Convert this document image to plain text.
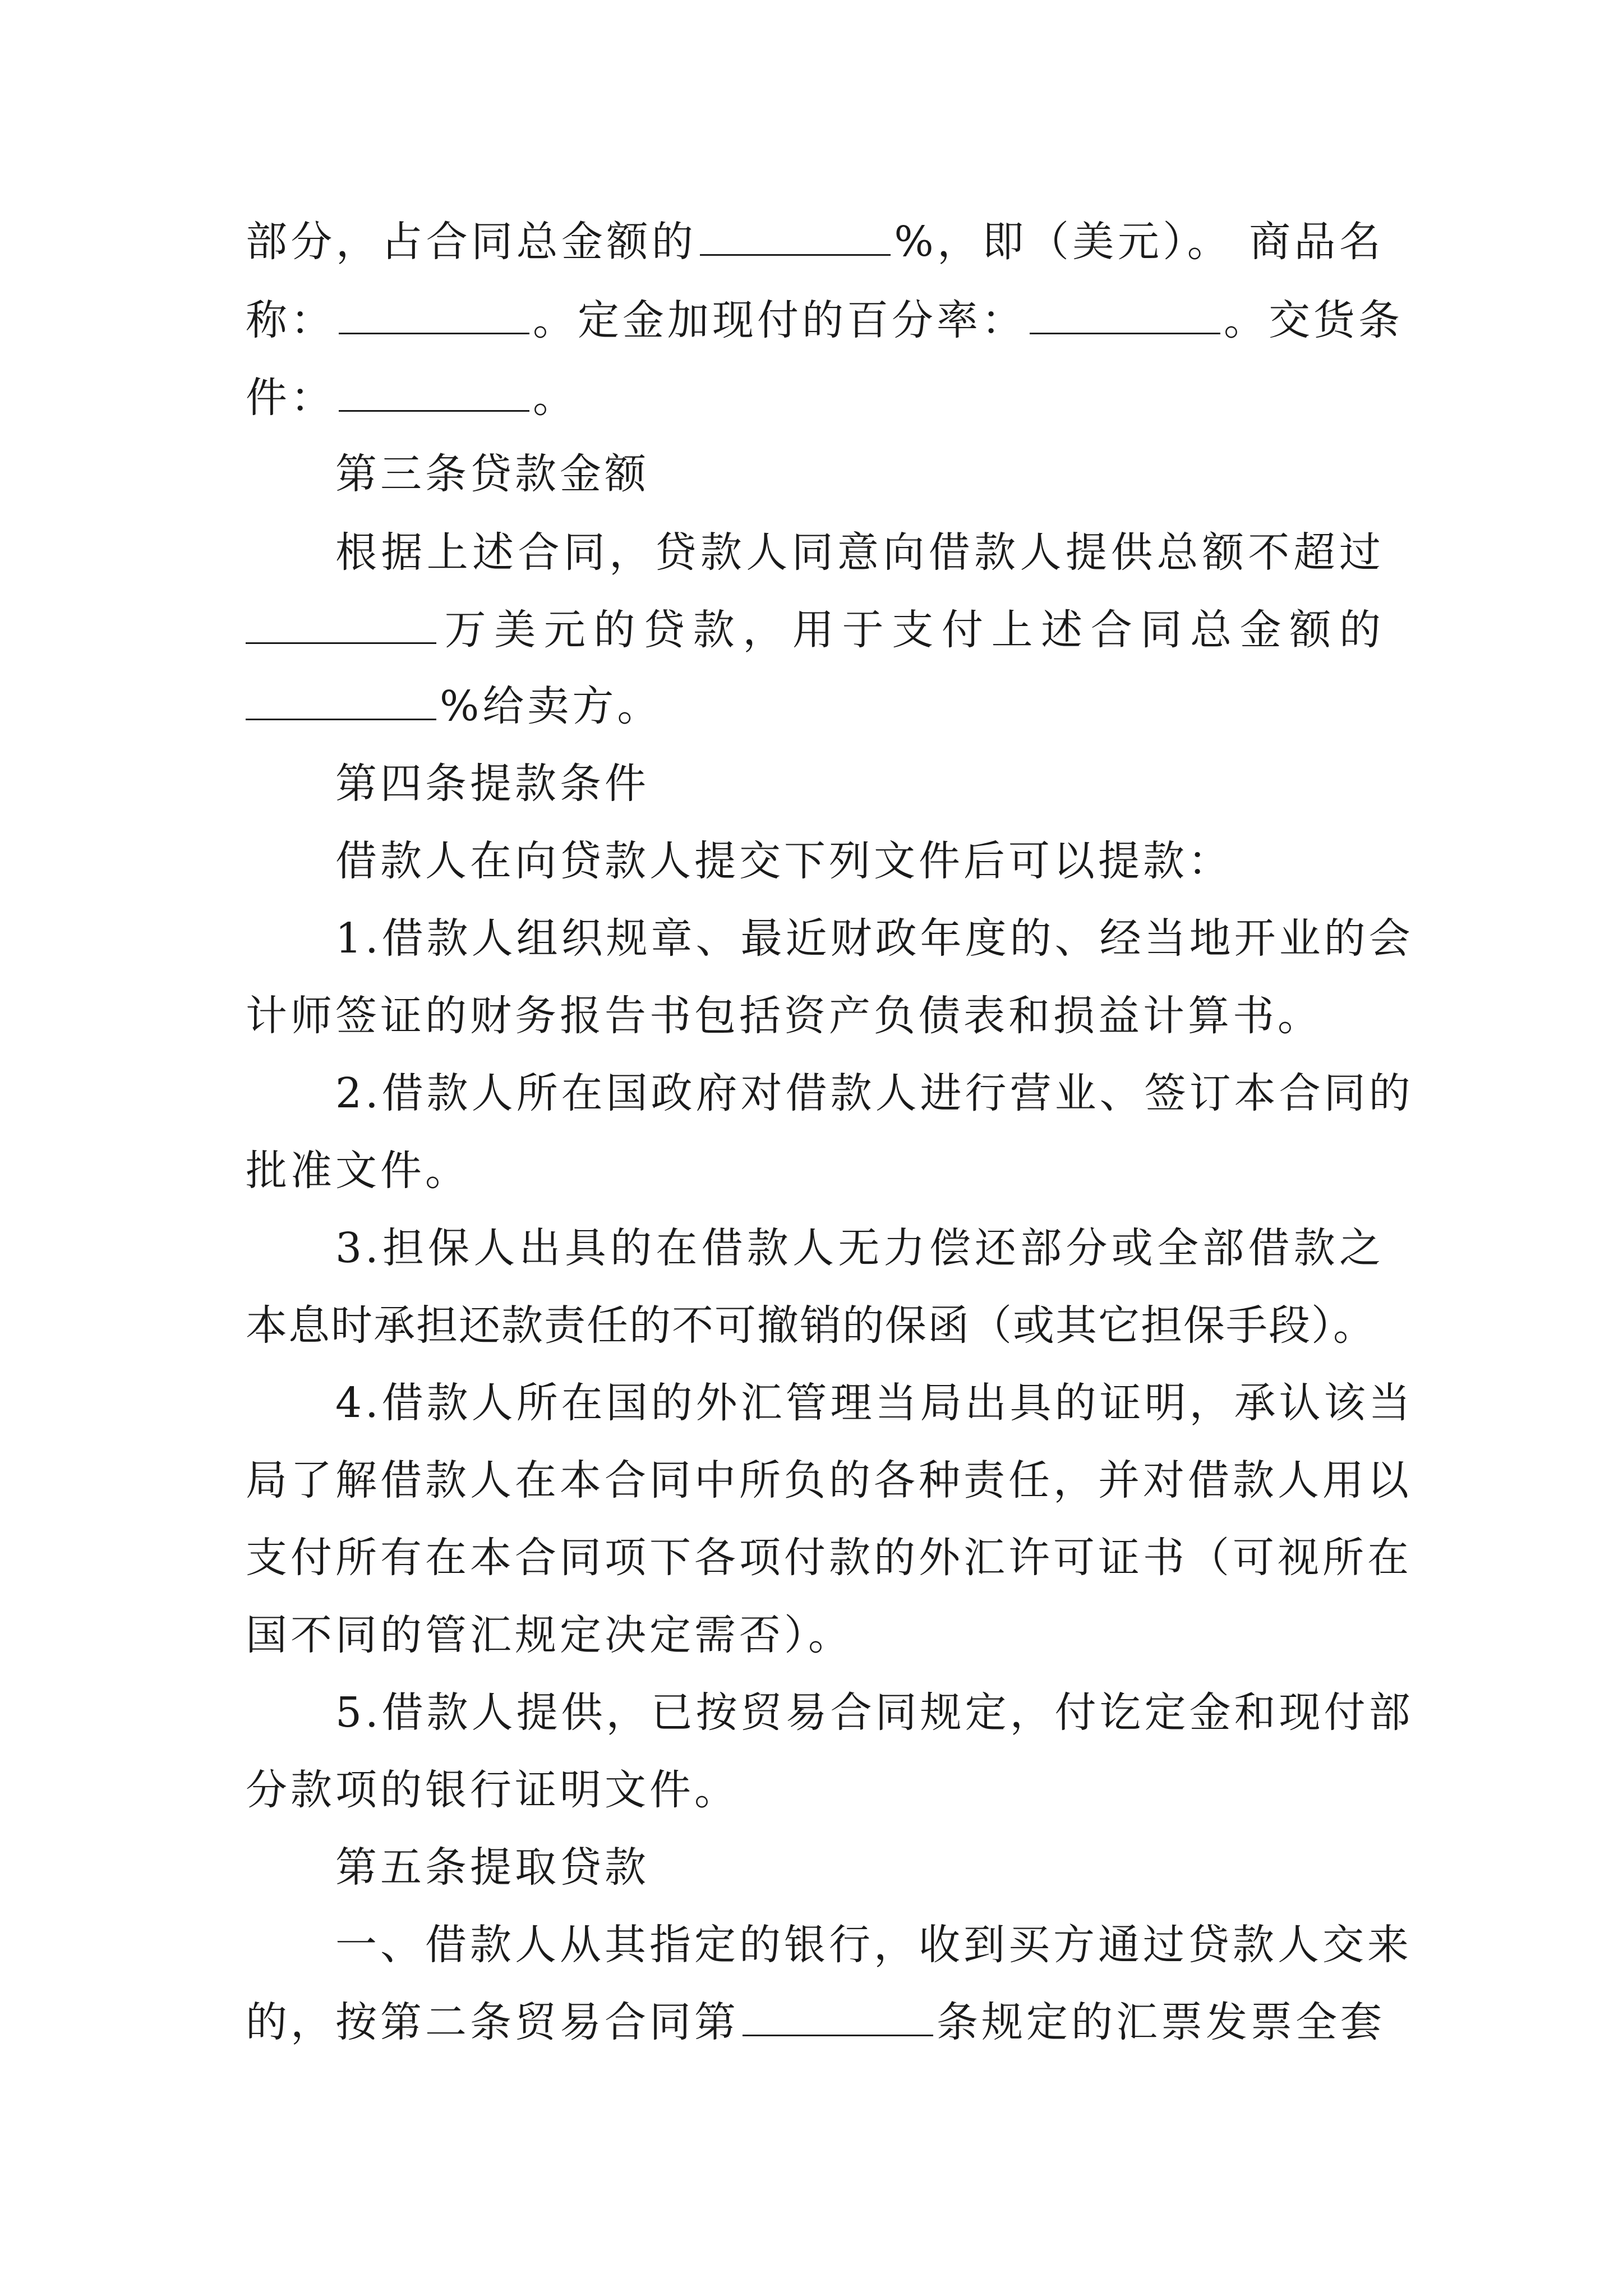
部分，占合同总金额的	%，即（美元）。 商品名
称：	。定金加现付的百分率：	。交货条
件：	。
第三条贷款金额
根据上述合同，贷款人同意向借款人提供总额不超过
万美元的贷款，用于支付上述合同总金额的
%给卖方。
第四条提款条件
借款人在向贷款人提交下列文件后可以提款：
1.借款人组织规章、最近财政年度的、经当地开业的会
计师签证的财务报告书包括资产负债表和损益计算书。
2.借款人所在国政府对借款人进行营业、签订本合同的
批准文件。
3.担保人出具的在借款人无力偿还部分或全部借款之
本息时承担还款责任的不可撤销的保函（或其它担保手段）。
4.借款人所在国的外汇管理当局出具的证明，承认该当
局了解借款人在本合同中所负的各种责任，并对借款人用以
支付所有在本合同项下各项付款的外汇许可证书（可视所在
国不同的管汇规定决定需否）。
5.借款人提供，已按贸易合同规定，付讫定金和现付部
分款项的银行证明文件。
第五条提取贷款
一、借款人从其指定的银行，收到买方通过贷款人交来
的，按第二条贸易合同第	条规定的汇票发票全套
